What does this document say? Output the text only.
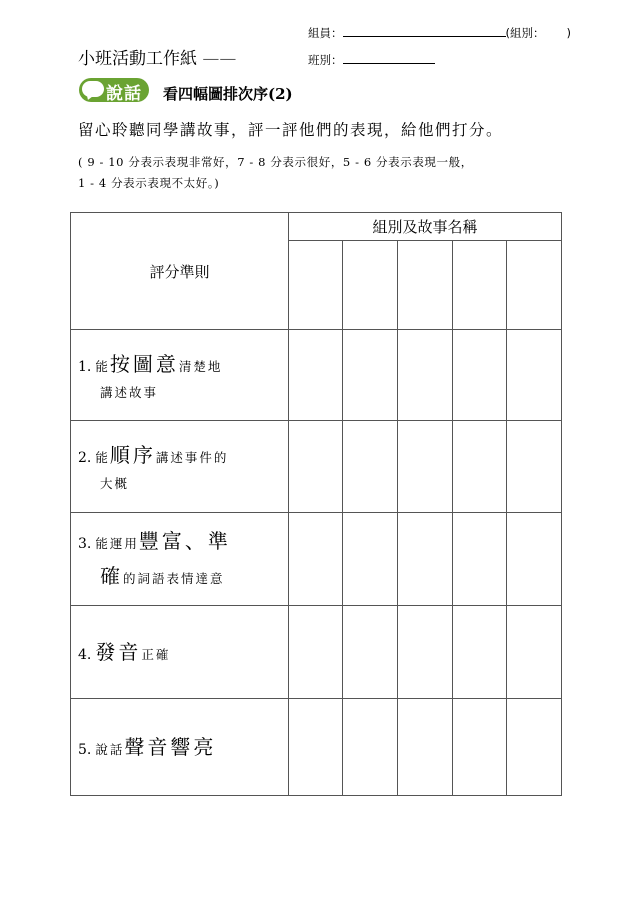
小班活動工作紙 ——
組員：	(組別： )
班別：
說話 看四幅圖排次序(2)
留心聆聽同學講故事，評一評他們的表現，給他們打分。
( 9 - 10 分表示表現非常好，7 - 8 分表示很好，5 - 6 分表示表現一般，
1 - 4 分表示表現不太好。)
評分準則	組別及故事名稱				

1. 能按圖意清楚地
講述故事					

2. 能順序講述事件的
大概					

3. 能運用豐富、準
確的詞語表情達意					

4. 發音正確					
5. 說話聲音響亮					
